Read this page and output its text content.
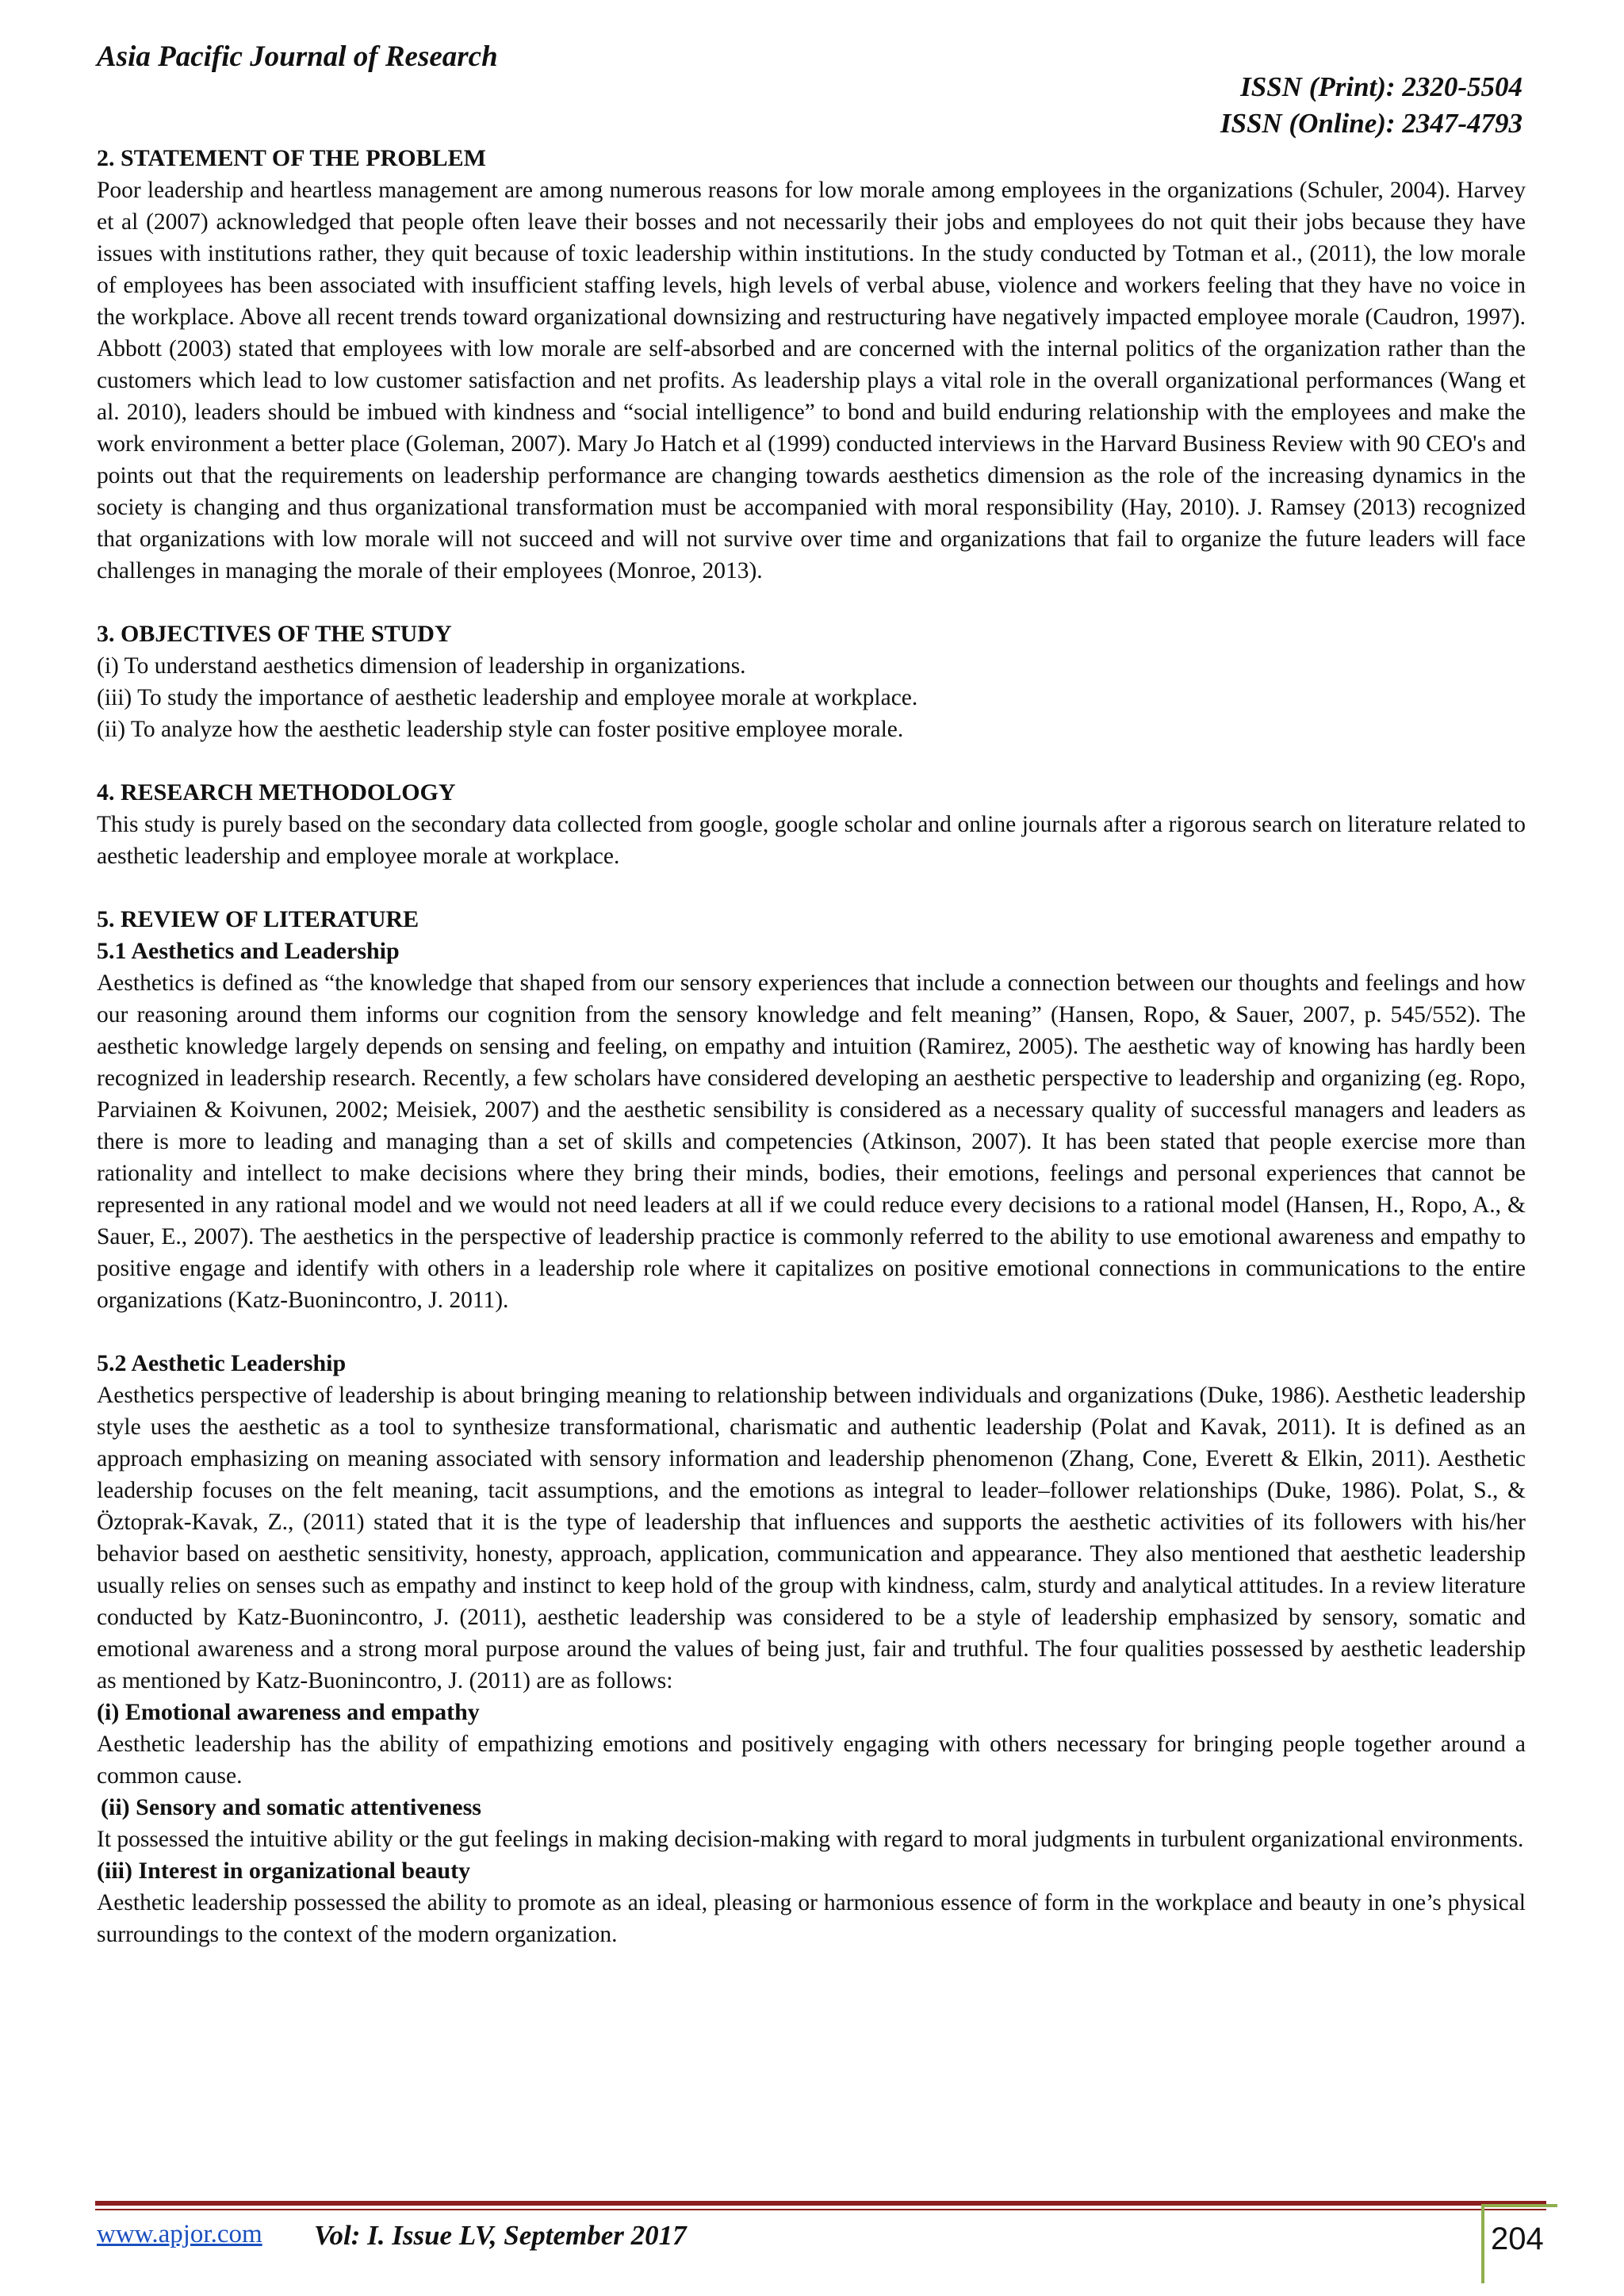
Asia Pacific Journal of Research
ISSN (Print): 2320-5504
ISSN (Online): 2347-4793
2. STATEMENT OF THE PROBLEM

Poor leadership and heartless management are among numerous reasons for low morale among employees in the organizations (Schuler, 2004). Harvey et al (2007) acknowledged that people often leave their bosses and not necessarily their jobs and employees do not quit their jobs because they have issues with institutions rather, they quit because of toxic leadership within institutions. In the study conducted by Totman et al., (2011), the low morale of employees has been associated with insufficient staffing levels, high levels of verbal abuse, violence and workers feeling that they have no voice in the workplace. Above all recent trends toward organizational downsizing and restructuring have negatively impacted employee morale (Caudron, 1997). Abbott (2003) stated that employees with low morale are self-absorbed and are concerned with the internal politics of the organization rather than the customers which lead to low customer satisfaction and net profits. As leadership plays a vital role in the overall organizational performances (Wang et al. 2010), leaders should be imbued with kindness and “social intelligence” to bond and build enduring relationship with the employees and make the work environment a better place (Goleman, 2007). Mary Jo Hatch et al (1999) conducted interviews in the Harvard Business Review with 90 CEO's and points out that the requirements on leadership performance are changing towards aesthetics dimension as the role of the increasing dynamics in the society is changing and thus organizational transformation must be accompanied with moral responsibility (Hay, 2010). J. Ramsey (2013) recognized that organizations with low morale will not succeed and will not survive over time and organizations that fail to organize the future leaders will face challenges in managing the morale of their employees (Monroe, 2013).

3. OBJECTIVES OF THE STUDY
(i) To understand aesthetics dimension of leadership in organizations.
(iii) To study the importance of aesthetic leadership and employee morale at workplace.
(ii) To analyze how the aesthetic leadership style can foster positive employee morale.
4. RESEARCH METHODOLOGY

This study is purely based on the secondary data collected from google, google scholar and online journals after a rigorous search on literature related to aesthetic leadership and employee morale at workplace.

5. REVIEW OF LITERATURE
5.1 Aesthetics and Leadership

Aesthetics is defined as “the knowledge that shaped from our sensory experiences that include a connection between our thoughts and feelings and how our reasoning around them informs our cognition from the sensory knowledge and felt meaning” (Hansen, Ropo, & Sauer, 2007, p. 545/552). The aesthetic knowledge largely depends on sensing and feeling, on empathy and intuition (Ramirez, 2005). The aesthetic way of knowing has hardly been recognized in leadership research. Recently, a few scholars have considered developing an aesthetic perspective to leadership and organizing (eg. Ropo, Parviainen & Koivunen, 2002; Meisiek, 2007) and the aesthetic sensibility is considered as a necessary quality of successful managers and leaders as there is more to leading and managing than a set of skills and competencies (Atkinson, 2007). It has been stated that people exercise more than rationality and intellect to make decisions where they bring their minds, bodies, their emotions, feelings and personal experiences that cannot be represented in any rational model and we would not need leaders at all if we could reduce every decisions to a rational model (Hansen, H., Ropo, A., & Sauer, E., 2007). The aesthetics in the perspective of leadership practice is commonly referred to the ability to use emotional awareness and empathy to positive engage and identify with others in a leadership role where it capitalizes on positive emotional connections in communications to the entire organizations (Katz-Buonincontro, J. 2011).

5.2 Aesthetic Leadership

Aesthetics perspective of leadership is about bringing meaning to relationship between individuals and organizations (Duke, 1986). Aesthetic leadership style uses the aesthetic as a tool to synthesize transformational, charismatic and authentic leadership (Polat and Kavak, 2011). It is defined as an approach emphasizing on meaning associated with sensory information and leadership phenomenon (Zhang, Cone, Everett & Elkin, 2011). Aesthetic leadership focuses on the felt meaning, tacit assumptions, and the emotions as integral to leader–follower relationships (Duke, 1986). Polat, S., & Öztoprak-Kavak, Z., (2011) stated that it is the type of leadership that influences and supports the aesthetic activities of its followers with his/her behavior based on aesthetic sensitivity, honesty, approach, application, communication and appearance. They also mentioned that aesthetic leadership usually relies on senses such as empathy and instinct to keep hold of the group with kindness, calm, sturdy and analytical attitudes. In a review literature conducted by Katz-Buonincontro, J. (2011), aesthetic leadership was considered to be a style of leadership emphasized by sensory, somatic and emotional awareness and a strong moral purpose around the values of being just, fair and truthful. The four qualities possessed by aesthetic leadership as mentioned by Katz-Buonincontro, J. (2011) are as follows:

(i) Emotional awareness and empathy

Aesthetic leadership has the ability of empathizing emotions and positively engaging with others necessary for bringing people together around a common cause.

(ii) Sensory and somatic attentiveness

It possessed the intuitive ability or the gut feelings in making decision-making with regard to moral judgments in turbulent organizational environments.

(iii) Interest in organizational beauty

Aesthetic leadership possessed the ability to promote as an ideal, pleasing or harmonious essence of form in the workplace and beauty in one’s physical surroundings to the context of the modern organization.

www.apjor.com Vol: I. Issue LV, September 2017	204
